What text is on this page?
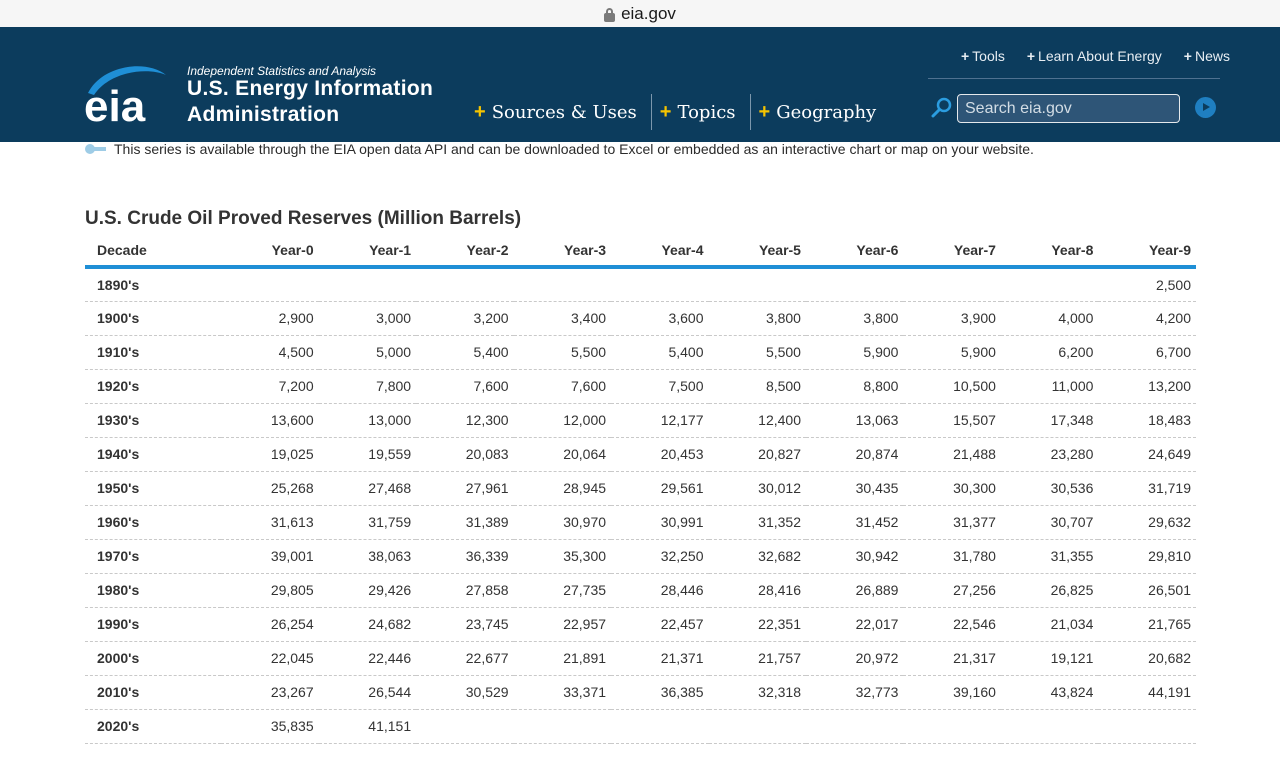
eia.gov
eia
Independent Statistics and Analysis
U.S. Energy Information
Administration
+ Tools + Learn About Energy + News
+ Sources & Uses + Topics + Geography
Search eia.gov
This series is available through the EIA open data API and can be downloaded to Excel or embedded as an interactive chart or map on your website.
U.S. Crude Oil Proved Reserves (Million Barrels)
Decade	Year-0	Year-1	Year-2	Year-3	Year-4	Year-5	Year-6	Year-7	Year-8	Year-9
1890's										2,500
1900's	2,900	3,000	3,200	3,400	3,600	3,800	3,800	3,900	4,000	4,200
1910's	4,500	5,000	5,400	5,500	5,400	5,500	5,900	5,900	6,200	6,700
1920's	7,200	7,800	7,600	7,600	7,500	8,500	8,800	10,500	11,000	13,200
1930's	13,600	13,000	12,300	12,000	12,177	12,400	13,063	15,507	17,348	18,483
1940's	19,025	19,559	20,083	20,064	20,453	20,827	20,874	21,488	23,280	24,649
1950's	25,268	27,468	27,961	28,945	29,561	30,012	30,435	30,300	30,536	31,719
1960's	31,613	31,759	31,389	30,970	30,991	31,352	31,452	31,377	30,707	29,632
1970's	39,001	38,063	36,339	35,300	32,250	32,682	30,942	31,780	31,355	29,810
1980's	29,805	29,426	27,858	27,735	28,446	28,416	26,889	27,256	26,825	26,501
1990's	26,254	24,682	23,745	22,957	22,457	22,351	22,017	22,546	21,034	21,765
2000's	22,045	22,446	22,677	21,891	21,371	21,757	20,972	21,317	19,121	20,682
2010's	23,267	26,544	30,529	33,371	36,385	32,318	32,773	39,160	43,824	44,191
2020's	35,835	41,151								
